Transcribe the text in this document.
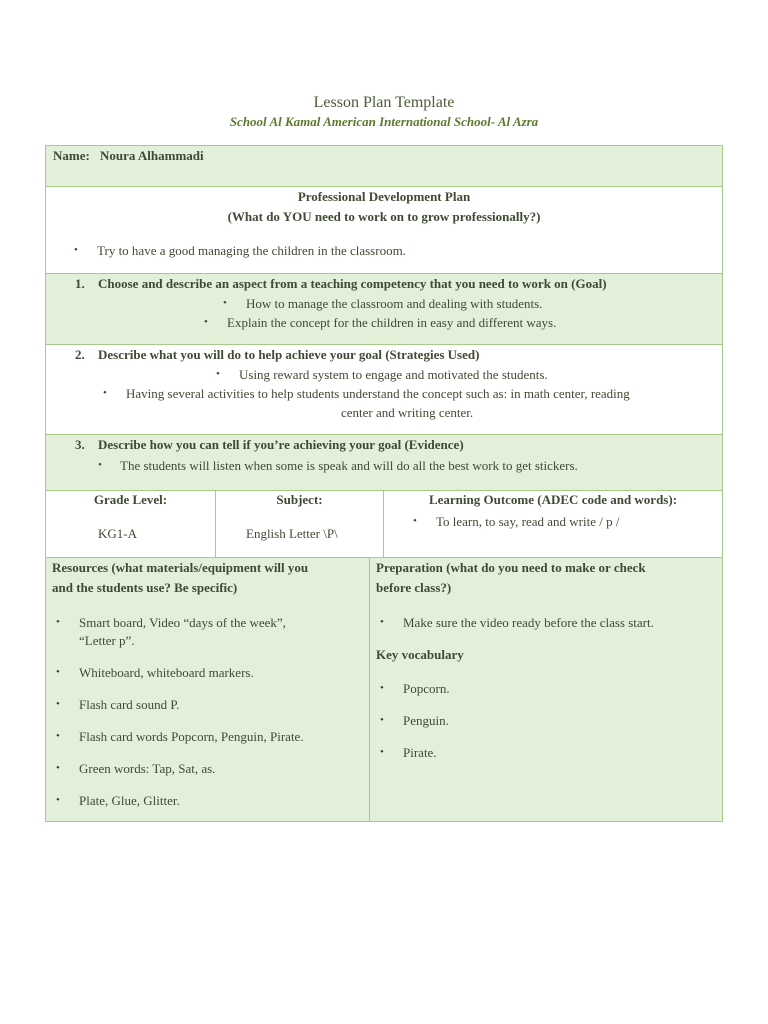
Lesson Plan Template
School Al Kamal American International School- Al Azra
Name: Noura Alhammadi
Professional Development Plan
(What do YOU need to work on to grow professionally?)
• Try to have a good managing the children in the classroom.
1. Choose and describe an aspect from a teaching competency that you need to work on (Goal)
• How to manage the classroom and dealing with students.
• Explain the concept for the children in easy and different ways.
2. Describe what you will do to help achieve your goal (Strategies Used)
• Using reward system to engage and motivated the students.
• Having several activities to help students understand the concept such as: in math center, reading
center and writing center.
3. Describe how you can tell if you’re achieving your goal (Evidence)
• The students will listen when some is speak and will do all the best work to get stickers.
Grade Level:
KG1-A
Subject:
English Letter \P\
Learning Outcome (ADEC code and words):
• To learn, to say, read and write / p /
Resources (what materials/equipment will you
and the students use? Be specific)
• Smart board, Video “days of the week”,
“Letter p”.
• Whiteboard, whiteboard markers.
• Flash card sound P.
• Flash card words Popcorn, Penguin, Pirate.
• Green words: Tap, Sat, as.
• Plate, Glue, Glitter.
Preparation (what do you need to make or check
before class?)
• Make sure the video ready before the class start.
Key vocabulary
• Popcorn.
• Penguin.
• Pirate.
